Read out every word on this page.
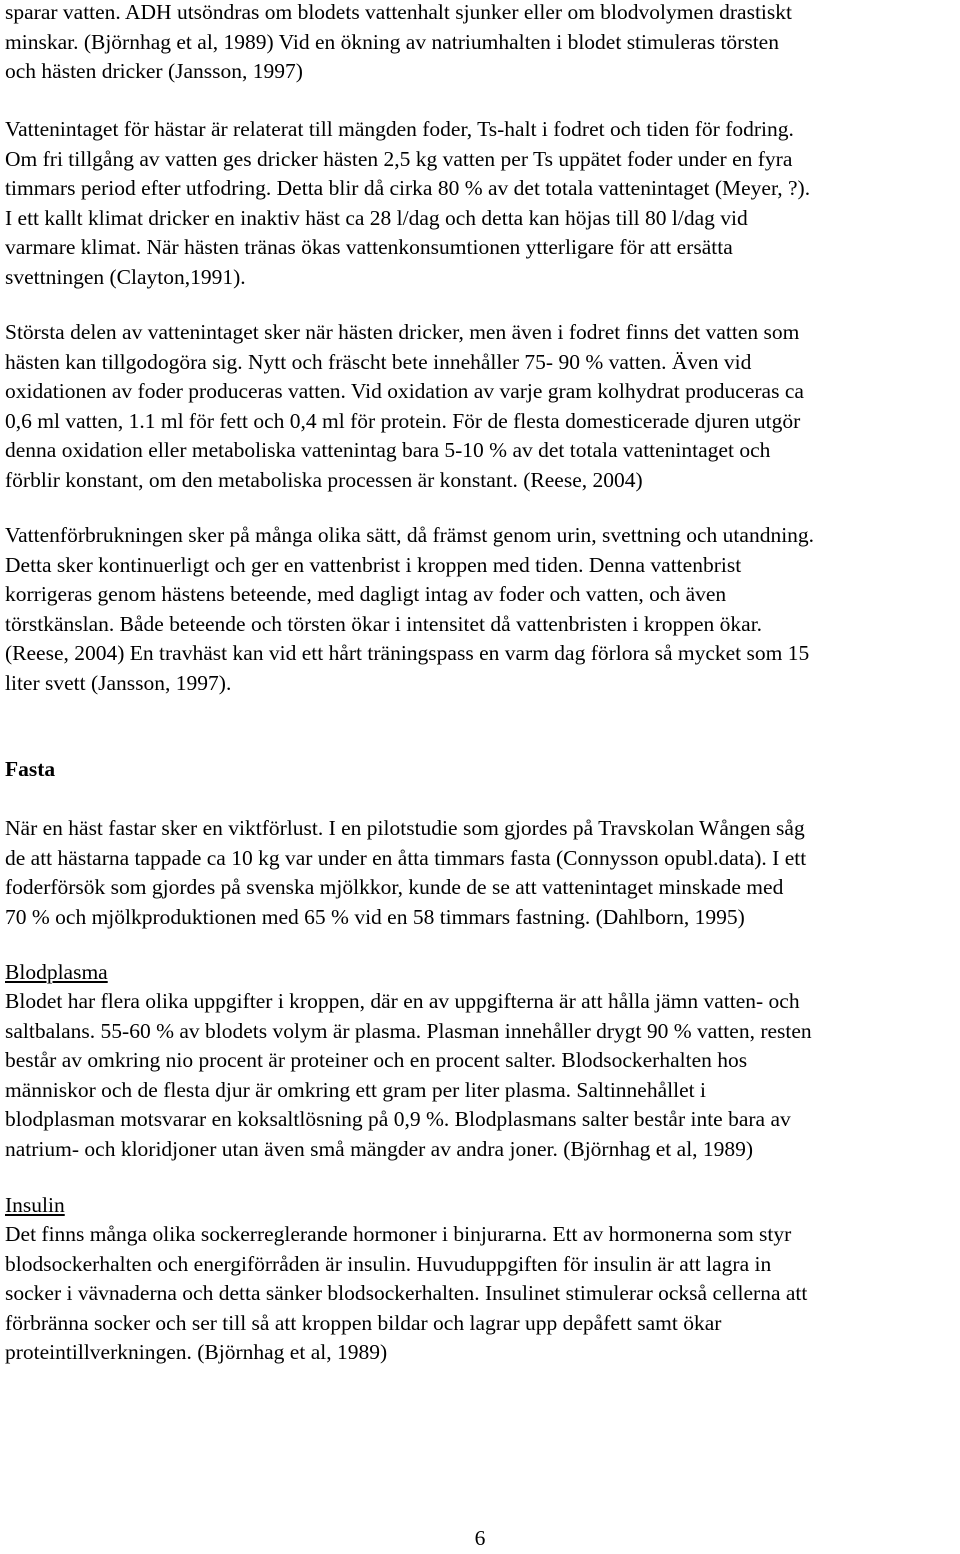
sparar vatten. ADH utsöndras om blodets vattenhalt sjunker eller om blodvolymen drastiskt
minskar. (Björnhag et al, 1989) Vid en ökning av natriumhalten i blodet stimuleras törsten
och hästen dricker (Jansson, 1997)

Vattenintaget för hästar är relaterat till mängden foder, Ts-halt i fodret och tiden för fodring.
Om fri tillgång av vatten ges dricker hästen 2,5 kg vatten per Ts uppätet foder under en fyra
timmars period efter utfodring. Detta blir då cirka 80 % av det totala vattenintaget (Meyer, ?).
I ett kallt klimat dricker en inaktiv häst ca 28 l/dag och detta kan höjas till 80 l/dag vid
varmare klimat. När hästen tränas ökas vattenkonsumtionen ytterligare för att ersätta
svettningen (Clayton,1991).

Största delen av vattenintaget sker när hästen dricker, men även i fodret finns det vatten som
hästen kan tillgodogöra sig. Nytt och fräscht bete innehåller 75- 90 % vatten. Även vid
oxidationen av foder produceras vatten. Vid oxidation av varje gram kolhydrat produceras ca
0,6 ml vatten, 1.1 ml för fett och 0,4 ml för protein. För de flesta domesticerade djuren utgör
denna oxidation eller metaboliska vattenintag bara 5-10 % av det totala vattenintaget och
förblir konstant, om den metaboliska processen är konstant. (Reese, 2004)

Vattenförbrukningen sker på många olika sätt, då främst genom urin, svettning och utandning.
Detta sker kontinuerligt och ger en vattenbrist i kroppen med tiden. Denna vattenbrist
korrigeras genom hästens beteende, med dagligt intag av foder och vatten, och även
törstkänslan. Både beteende och törsten ökar i intensitet då vattenbristen i kroppen ökar.
(Reese, 2004) En travhäst kan vid ett hårt träningspass en varm dag förlora så mycket som 15
liter svett (Jansson, 1997).

Fasta

När en häst fastar sker en viktförlust. I en pilotstudie som gjordes på Travskolan Wången såg
de att hästarna tappade ca 10 kg var under en åtta timmars fasta (Connysson opubl.data). I ett
foderförsök som gjordes på svenska mjölkkor, kunde de se att vattenintaget minskade med
70 % och mjölkproduktionen med 65 % vid en 58 timmars fastning. (Dahlborn, 1995)

Blodplasma

Blodet har flera olika uppgifter i kroppen, där en av uppgifterna är att hålla jämn vatten- och
saltbalans. 55-60 % av blodets volym är plasma. Plasman innehåller drygt 90 % vatten, resten
består av omkring nio procent är proteiner och en procent salter. Blodsockerhalten hos
människor och de flesta djur är omkring ett gram per liter plasma. Saltinnehållet i
blodplasman motsvarar en koksaltlösning på 0,9 %. Blodplasmans salter består inte bara av
natrium- och kloridjoner utan även små mängder av andra joner. (Björnhag et al, 1989)

Insulin

Det finns många olika sockerreglerande hormoner i binjurarna. Ett av hormonerna som styr
blodsockerhalten och energiförråden är insulin. Huvuduppgiften för insulin är att lagra in
socker i vävnaderna och detta sänker blodsockerhalten. Insulinet stimulerar också cellerna att
förbränna socker och ser till så att kroppen bildar och lagrar upp depåfett samt ökar
proteintillverkningen. (Björnhag et al, 1989)

6
